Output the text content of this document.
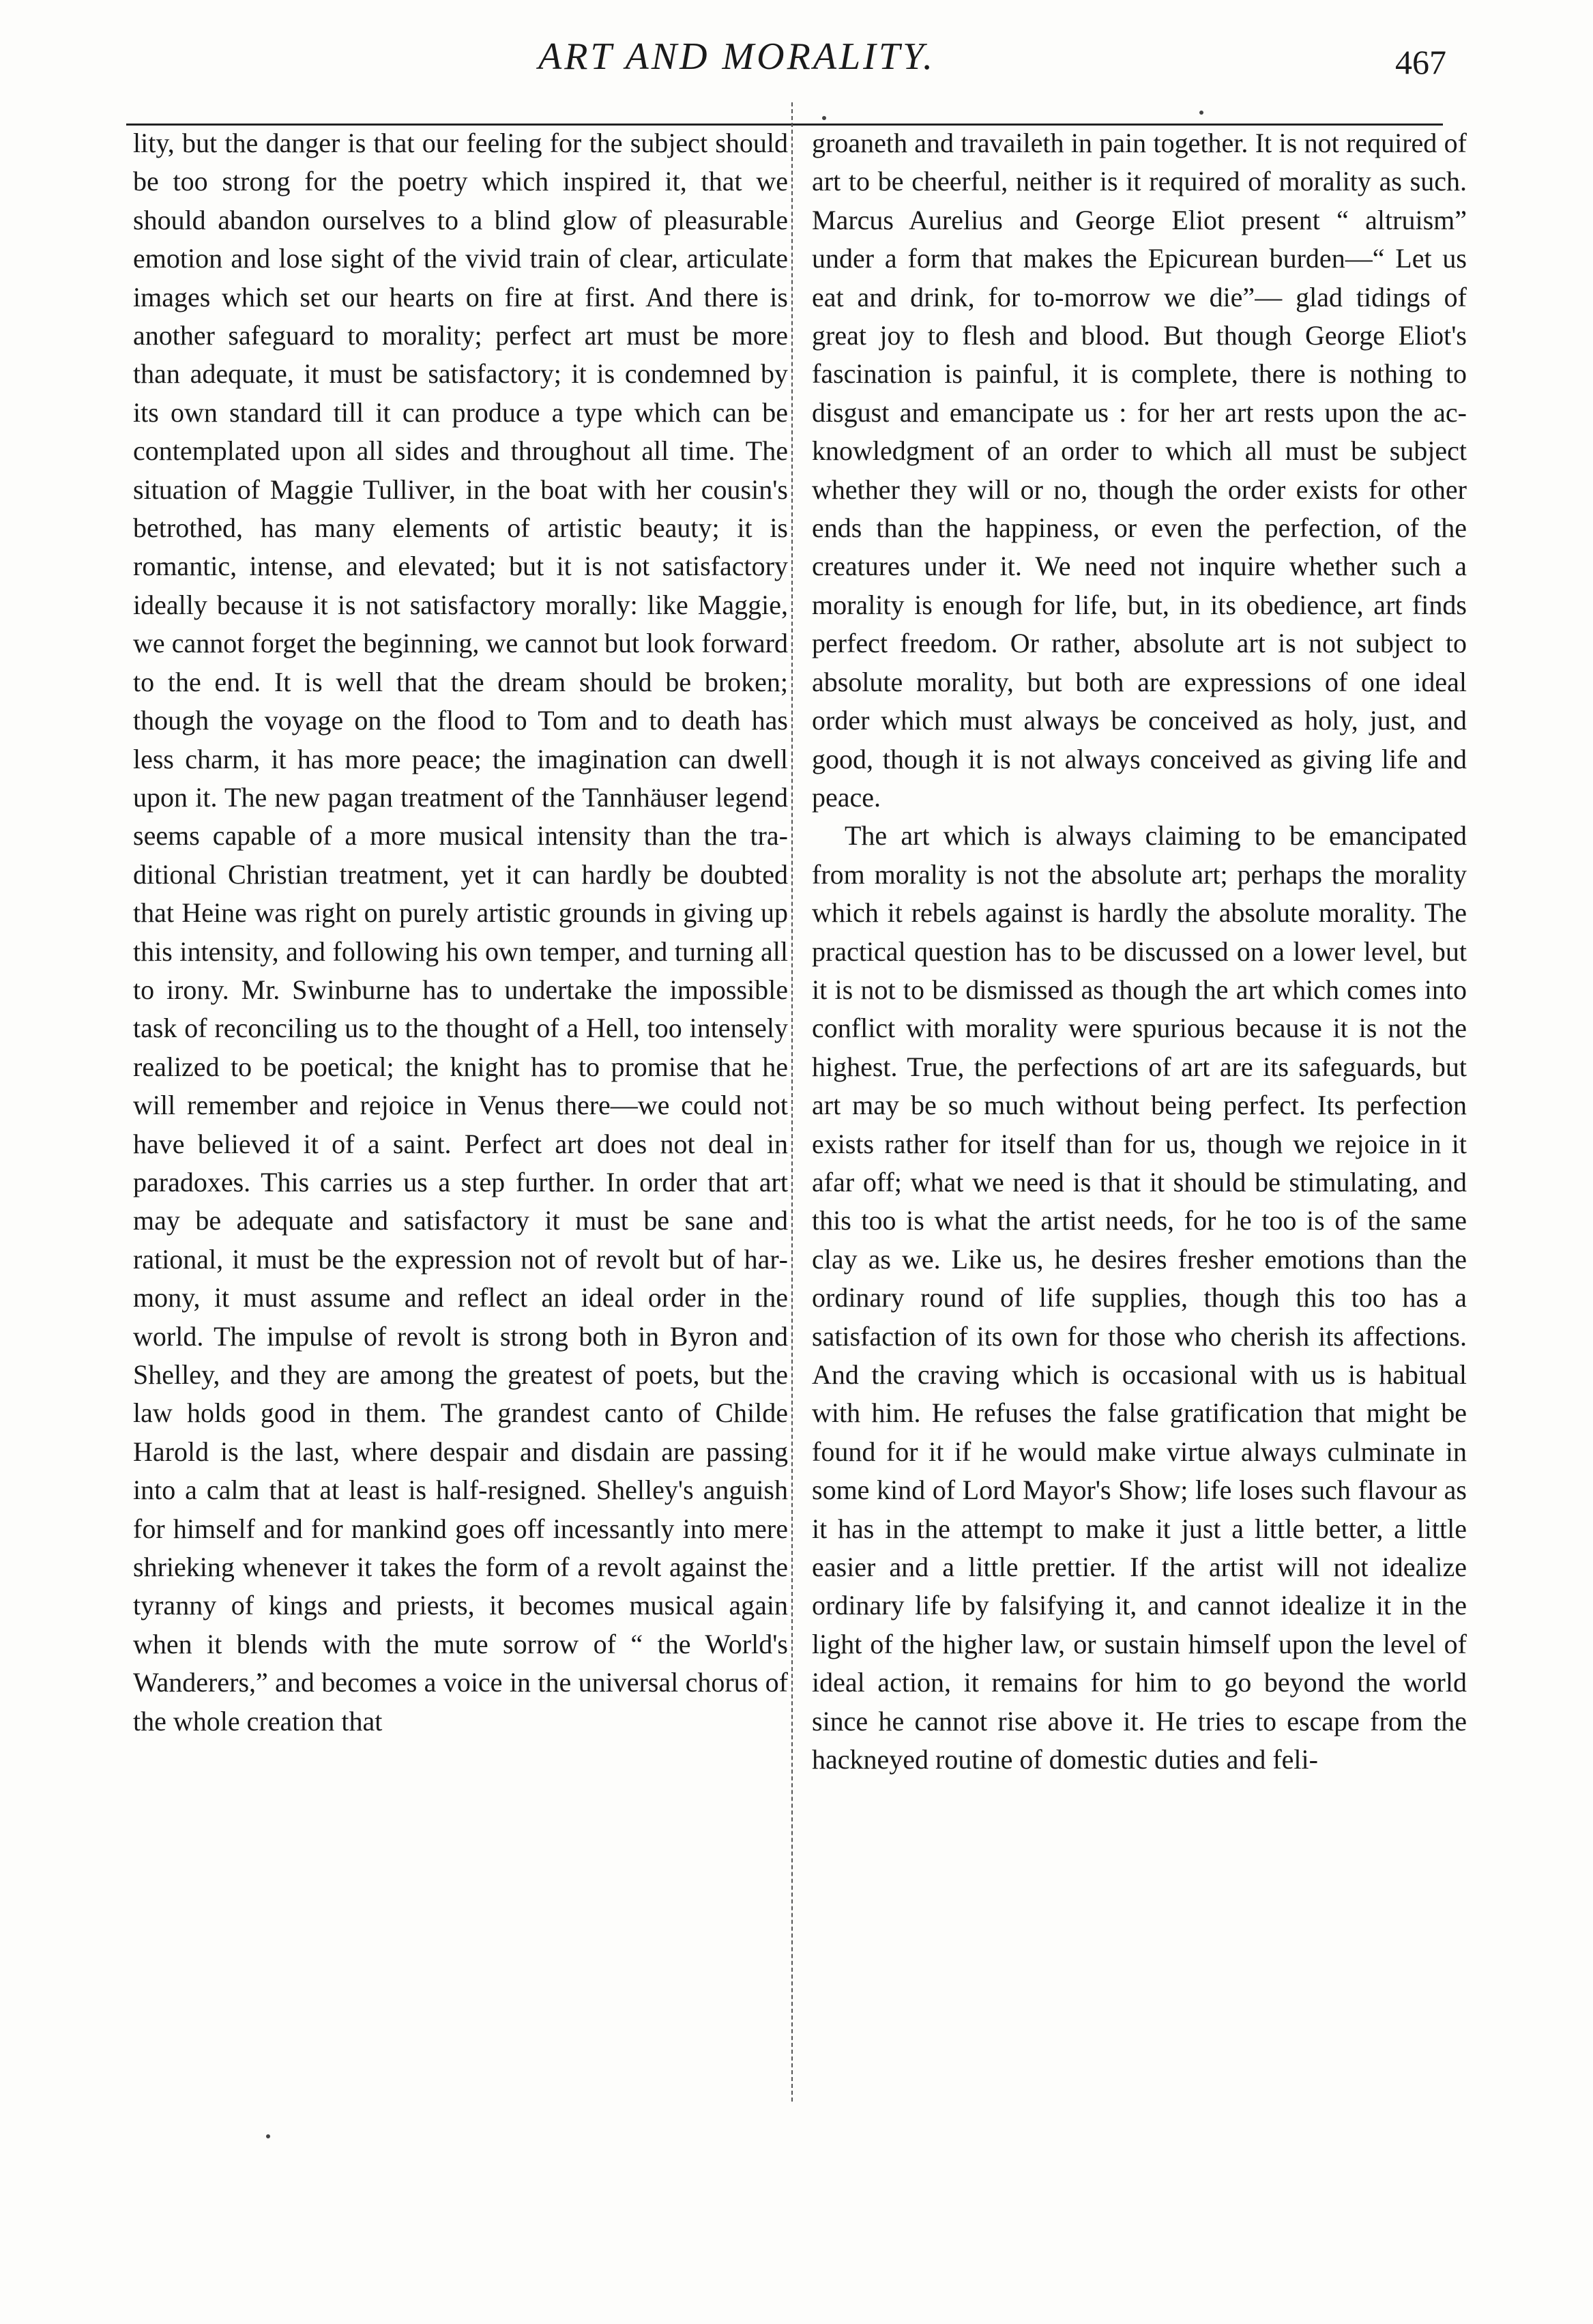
ART AND MORALITY.	467

lity, but the danger is that our feeling for the subject should be too strong for the poetry which inspired it, that we should abandon ourselves to a blind glow of pleasurable emotion and lose sight of the vivid train of clear, articulate images which set our hearts on fire at first. And there is another safeguard to morality; perfect art must be more than adequate, it must be satisfactory; it is condemned by its own standard till it can produce a type which can be contemplated upon all sides and throughout all time. The situation of Maggie Tulliver, in the boat with her cousin's betrothed, has many elements of artistic beauty; it is romantic, intense, and elevated; but it is not satisfactory ideally because it is not satisfactory morally: like Maggie, we cannot forget the beginning, we cannot but look forward to the end. It is well that the dream should be broken; though the voyage on the flood to Tom and to death has less charm, it has more peace; the imagination can dwell upon it. The new pagan treatment of the Tannhäuser legend seems capable of a more musical intensity than the traditional Christian treatment, yet it can hardly be doubted that Heine was right on purely artistic grounds in giving up this intensity, and following his own temper, and turning all to irony. Mr. Swinburne has to undertake the impossible task of reconciling us to the thought of a Hell, too intensely realized to be poetical; the knight has to promise that he will remember and rejoice in Venus there—we could not have believed it of a saint. Perfect art does not deal in paradoxes. This carries us a step further. In order that art may be adequate and satisfactory it must be sane and rational, it must be the expression not of revolt but of harmony, it must assume and reflect an ideal order in the world. The impulse of revolt is strong both in Byron and Shelley, and they are among the greatest of poets, but the law holds good in them. The grandest canto of Childe Harold is the last, where despair and disdain are passing into a calm that at least is half-resigned. Shelley's anguish for himself and for mankind goes off incessantly into mere shrieking whenever it takes the form of a revolt against the tyranny of kings and priests, it becomes musical again when it blends with the mute sorrow of “ the World's Wanderers,” and becomes a voice in the universal chorus of the whole creation that

groaneth and travaileth in pain together. It is not required of art to be cheerful, neither is it required of morality as such. Marcus Aurelius and George Eliot present “ altruism” under a form that makes the Epicurean burden—“ Let us eat and drink, for to-morrow we die”— glad tidings of great joy to flesh and blood. But though George Eliot's fascination is painful, it is complete, there is nothing to disgust and emancipate us : for her art rests upon the acknowledgment of an order to which all must be subject whether they will or no, though the order exists for other ends than the happiness, or even the perfection, of the creatures under it. We need not inquire whether such a morality is enough for life, but, in its obedience, art finds perfect freedom. Or rather, absolute art is not subject to absolute morality, but both are expressions of one ideal order which must always be conceived as holy, just, and good, though it is not always conceived as giving life and peace.

The art which is always claiming to be emancipated from morality is not the absolute art; perhaps the morality which it rebels against is hardly the absolute morality. The practical question has to be discussed on a lower level, but it is not to be dismissed as though the art which comes into conflict with morality were spurious because it is not the highest. True, the perfections of art are its safeguards, but art may be so much without being perfect. Its perfection exists rather for itself than for us, though we rejoice in it afar off; what we need is that it should be stimulating, and this too is what the artist needs, for he too is of the same clay as we. Like us, he desires fresher emotions than the ordinary round of life supplies, though this too has a satisfaction of its own for those who cherish its affections. And the craving which is occasional with us is habitual with him. He refuses the false gratification that might be found for it if he would make virtue always culminate in some kind of Lord Mayor's Show; life loses such flavour as it has in the attempt to make it just a little better, a little easier and a little prettier. If the artist will not idealize ordinary life by falsifying it, and cannot idealize it in the light of the higher law, or sustain himself upon the level of ideal action, it remains for him to go beyond the world since he cannot rise above it. He tries to escape from the hackneyed routine of domestic duties and feli-
